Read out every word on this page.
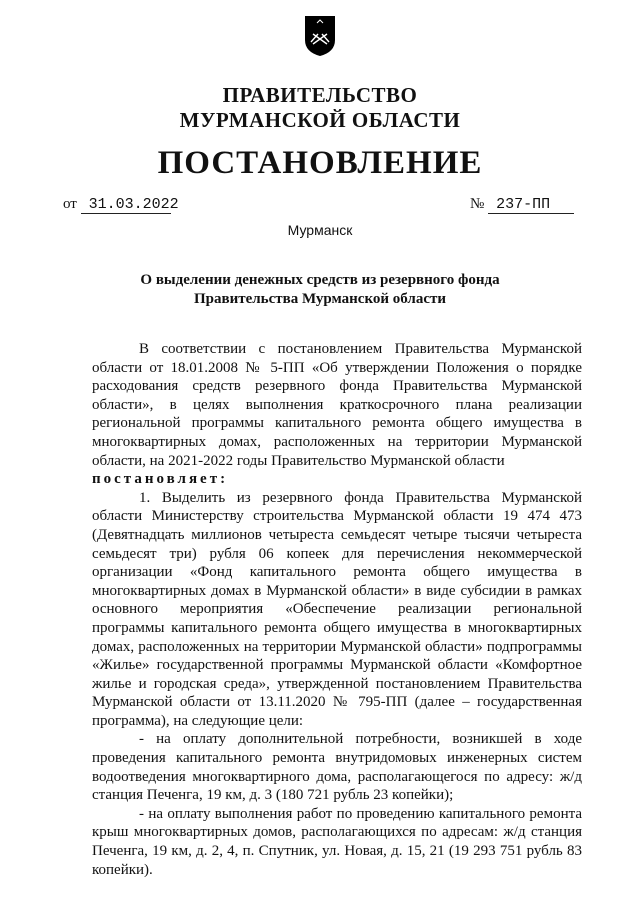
ПРАВИТЕЛЬСТВО
МУРМАНСКОЙ ОБЛАСТИ
ПОСТАНОВЛЕНИЕ
от 31.03.2022	№ 237-ПП
Мурманск
О выделении денежных средств из резервного фонда
Правительства Мурманской области

В соответствии с постановлением Правительства Мурманской области от 18.01.2008 № 5-ПП «Об утверждении Положения о порядке расходования средств резервного фонда Правительства Мурманской области», в целях выполнения краткосрочного плана реализации региональной программы капитального ремонта общего имущества в многоквартирных домах, расположенных на территории Мурманской области, на 2021-2022 годы Правительство Мурманской области

постановляет:

1. Выделить из резервного фонда Правительства Мурманской области Министерству строительства Мурманской области 19 474 473 (Девятнадцать миллионов четыреста семьдесят четыре тысячи четыреста семьдесят три) рубля 06 копеек для перечисления некоммерческой организации «Фонд капитального ремонта общего имущества в многоквартирных домах в Мурманской области» в виде субсидии в рамках основного мероприятия «Обеспечение реализации региональной программы капитального ремонта общего имущества в многоквартирных домах, расположенных на территории Мурманской области» подпрограммы «Жилье» государственной программы Мурманской области «Комфортное жилье и городская среда», утвержденной постановлением Правительства Мурманской области от 13.11.2020 № 795-ПП (далее – государственная программа), на следующие цели:

- на оплату дополнительной потребности, возникшей в ходе проведения капитального ремонта внутридомовых инженерных систем водоотведения многоквартирного дома, располагающегося по адресу: ж/д станция Печенга, 19 км, д. 3 (180 721 рубль 23 копейки);

- на оплату выполнения работ по проведению капитального ремонта крыш многоквартирных домов, располагающихся по адресам: ж/д станция Печенга, 19 км, д. 2, 4, п. Спутник, ул. Новая, д. 15, 21 (19 293 751 рубль 83 копейки).
